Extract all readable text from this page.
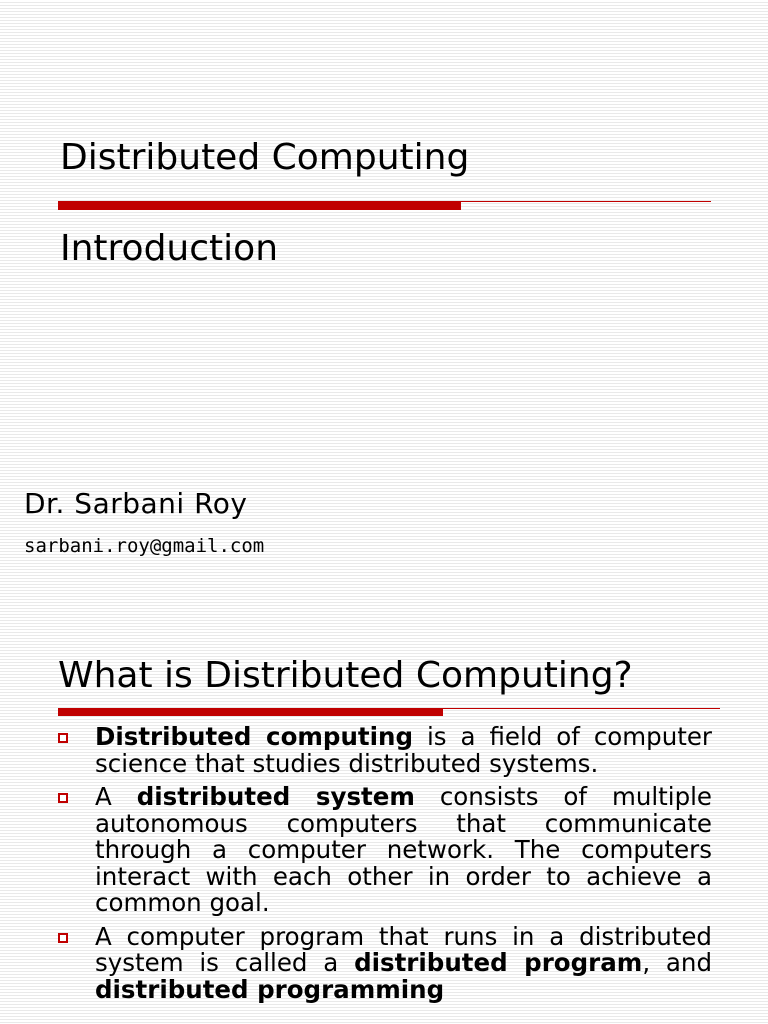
Distributed Computing
Introduction
Dr. Sarbani Roy
sarbani.roy@gmail.com
What is Distributed Computing?
Distributed computing is a field of computer science that studies distributed systems.
A distributed system consists of multiple autonomous computers that communicate through a computer network. The computers interact with each other in order to achieve a common goal.
A computer program that runs in a distributed system is called a distributed program, and distributed programming
